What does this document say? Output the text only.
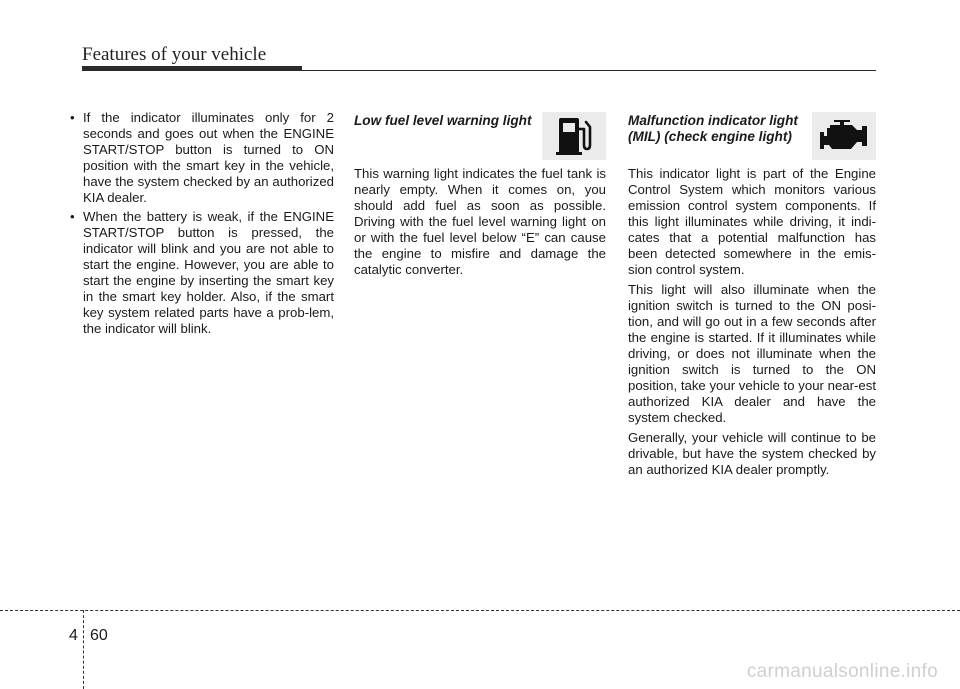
Features of your vehicle
• If the indicator illuminates only for 2 seconds and goes out when the ENGINE START/STOP button is turned to ON position with the smart key in the vehicle, have the system checked by an authorized KIA dealer.
• When the battery is weak, if the ENGINE START/STOP button is pressed, the indicator will blink and you are not able to start the engine. However, you are able to start the engine by inserting the smart key in the smart key holder. Also, if the smart key system related parts have a prob-lem, the indicator will blink.
Low fuel level warning light

This warning light indicates the fuel tank is nearly empty. When it comes on, you should add fuel as soon as possible. Driving with the fuel level warning light on or with the fuel level below “E” can cause the engine to misfire and damage the catalytic converter.

Malfunction indicator light
(MIL) (check engine light)

This indicator light is part of the Engine Control System which monitors various emission control system components. If this light illuminates while driving, it indi-cates that a potential malfunction has been detected somewhere in the emis-sion control system.

This light will also illuminate when the ignition switch is turned to the ON posi-tion, and will go out in a few seconds after the engine is started. If it illuminates while driving, or does not illuminate when the ignition switch is turned to the ON position, take your vehicle to your near-est authorized KIA dealer and have the system checked.

Generally, your vehicle will continue to be drivable, but have the system checked by an authorized KIA dealer promptly.

4 60
carmanualsonline.info
